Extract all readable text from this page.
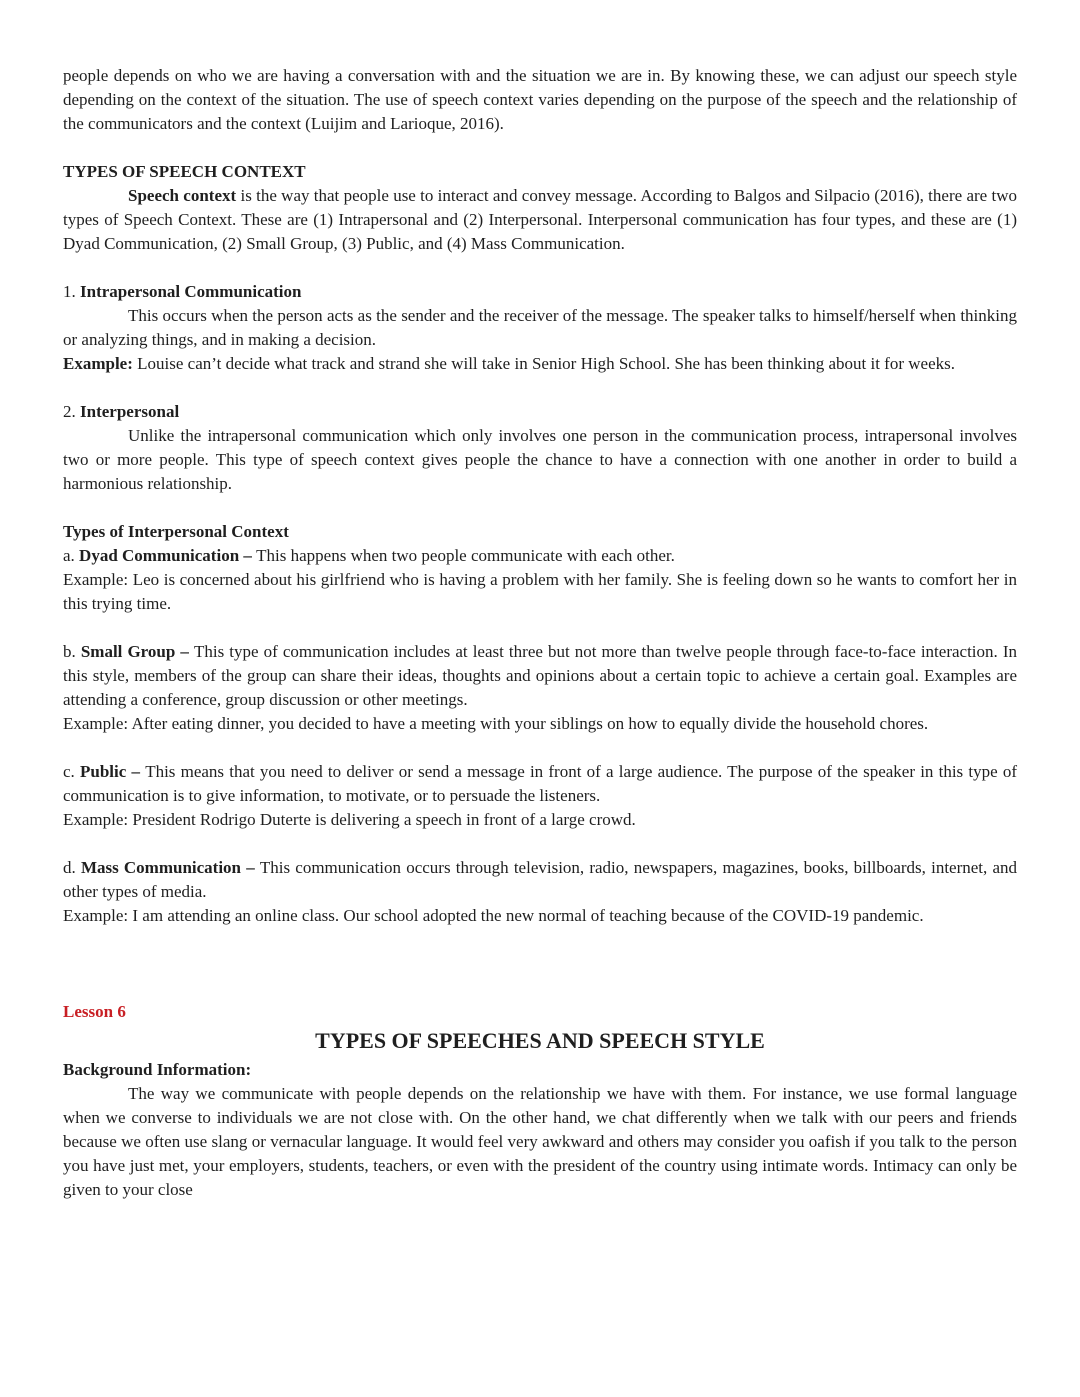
people depends on who we are having a conversation with and the situation we are in. By knowing these, we can adjust our speech style depending on the context of the situation. The use of speech context varies depending on the purpose of the speech and the relationship of the communicators and the context (Luijim and Larioque, 2016).
TYPES OF SPEECH CONTEXT
Speech context is the way that people use to interact and convey message. According to Balgos and Silpacio (2016), there are two types of Speech Context. These are (1) Intrapersonal and (2) Interpersonal. Interpersonal communication has four types, and these are (1) Dyad Communication, (2) Small Group, (3) Public, and (4) Mass Communication.
1. Intrapersonal Communication
This occurs when the person acts as the sender and the receiver of the message. The speaker talks to himself/herself when thinking or analyzing things, and in making a decision.
Example: Louise can’t decide what track and strand she will take in Senior High School. She has been thinking about it for weeks.
2. Interpersonal
Unlike the intrapersonal communication which only involves one person in the communication process, intrapersonal involves two or more people. This type of speech context gives people the chance to have a connection with one another in order to build a harmonious relationship.
Types of Interpersonal Context
a. Dyad Communication – This happens when two people communicate with each other.
Example: Leo is concerned about his girlfriend who is having a problem with her family. She is feeling down so he wants to comfort her in this trying time.
b. Small Group – This type of communication includes at least three but not more than twelve people through face-to-face interaction. In this style, members of the group can share their ideas, thoughts and opinions about a certain topic to achieve a certain goal. Examples are attending a conference, group discussion or other meetings.
Example: After eating dinner, you decided to have a meeting with your siblings on how to equally divide the household chores.
c. Public – This means that you need to deliver or send a message in front of a large audience. The purpose of the speaker in this type of communication is to give information, to motivate, or to persuade the listeners.
Example: President Rodrigo Duterte is delivering a speech in front of a large crowd.
d. Mass Communication – This communication occurs through television, radio, newspapers, magazines, books, billboards, internet, and other types of media.
Example: I am attending an online class. Our school adopted the new normal of teaching because of the COVID-19 pandemic.
Lesson 6
TYPES OF SPEECHES AND SPEECH STYLE
Background Information:
The way we communicate with people depends on the relationship we have with them. For instance, we use formal language when we converse to individuals we are not close with. On the other hand, we chat differently when we talk with our peers and friends because we often use slang or vernacular language. It would feel very awkward and others may consider you oafish if you talk to the person you have just met, your employers, students, teachers, or even with the president of the country using intimate words. Intimacy can only be given to your close
